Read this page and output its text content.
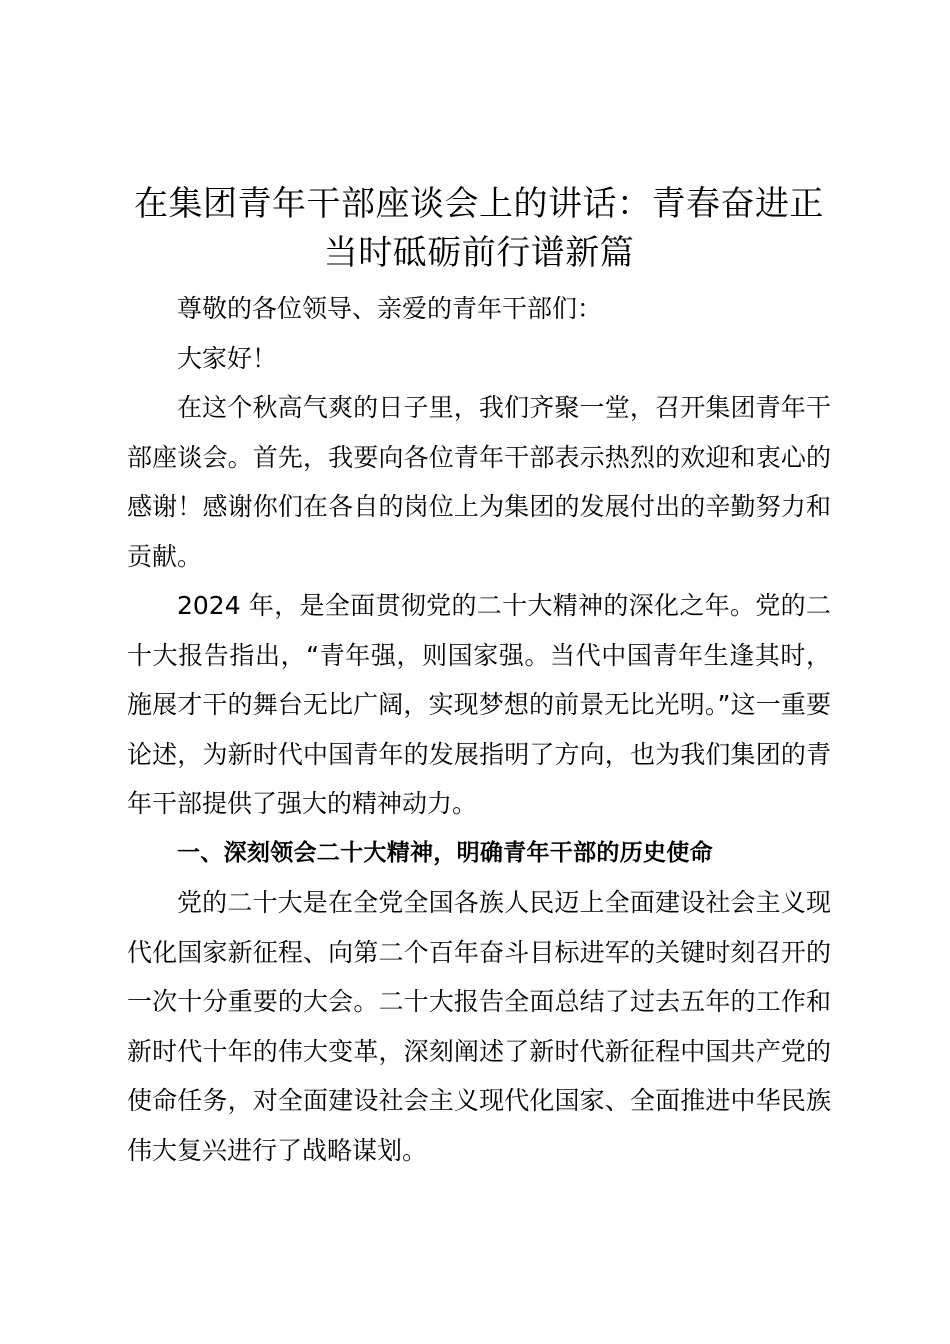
在集团青年干部座谈会上的讲话：青春奋进正当时砥砺前行谱新篇

尊敬的各位领导、亲爱的青年干部们：

大家好！

在这个秋高气爽的日子里，我们齐聚一堂，召开集团青年干部座谈会。首先，我要向各位青年干部表示热烈的欢迎和衷心的感谢！感谢你们在各自的岗位上为集团的发展付出的辛勤努力和贡献。

2024 年，是全面贯彻党的二十大精神的深化之年。党的二十大报告指出，“青年强，则国家强。当代中国青年生逢其时，施展才干的舞台无比广阔，实现梦想的前景无比光明。”这一重要论述，为新时代中国青年的发展指明了方向，也为我们集团的青年干部提供了强大的精神动力。

一、深刻领会二十大精神，明确青年干部的历史使命

党的二十大是在全党全国各族人民迈上全面建设社会主义现代化国家新征程、向第二个百年奋斗目标进军的关键时刻召开的一次十分重要的大会。二十大报告全面总结了过去五年的工作和新时代十年的伟大变革，深刻阐述了新时代新征程中国共产党的使命任务，对全面建设社会主义现代化国家、全面推进中华民族伟大复兴进行了战略谋划。
